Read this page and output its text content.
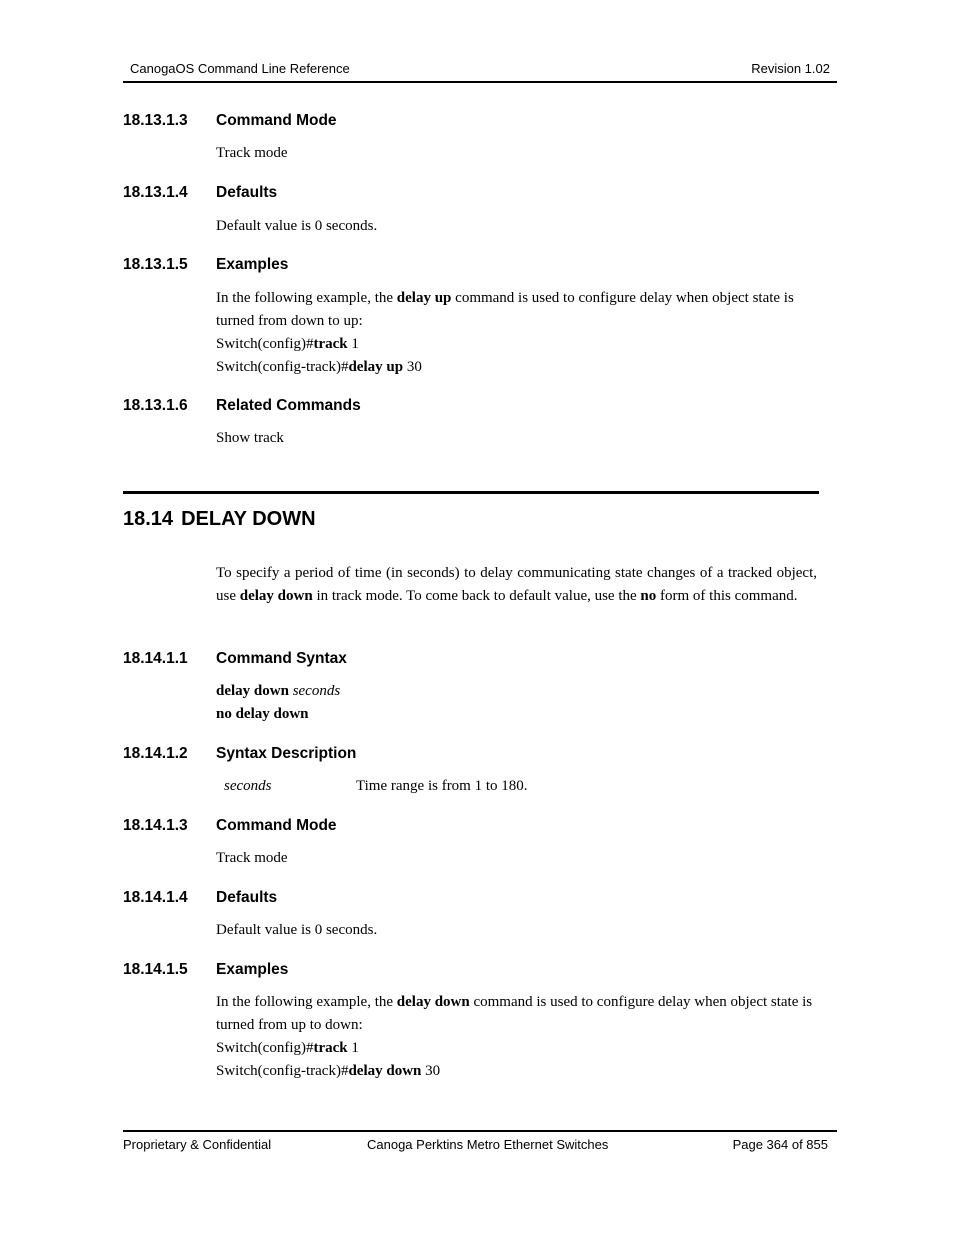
CanogaOS Command Line Reference	Revision 1.02
18.13.1.3 Command Mode
Track mode
18.13.1.4 Defaults
Default value is 0 seconds.
18.13.1.5 Examples
In the following example, the delay up command is used to configure delay when object state is turned from down to up:
Switch(config)#track 1
Switch(config-track)#delay up 30
18.13.1.6 Related Commands
Show track
18.14 DELAY DOWN
To specify a period of time (in seconds) to delay communicating state changes of a tracked object, use delay down in track mode. To come back to default value, use the no form of this command.
18.14.1.1 Command Syntax
delay down seconds
no delay down
18.14.1.2 Syntax Description
seconds	Time range is from 1 to 180.
18.14.1.3 Command Mode
Track mode
18.14.1.4 Defaults
Default value is 0 seconds.
18.14.1.5 Examples
In the following example, the delay down command is used to configure delay when object state is turned from up to down:
Switch(config)#track 1
Switch(config-track)#delay down 30
Proprietary & Confidential	Canoga Perktins Metro Ethernet Switches	Page 364 of 855
